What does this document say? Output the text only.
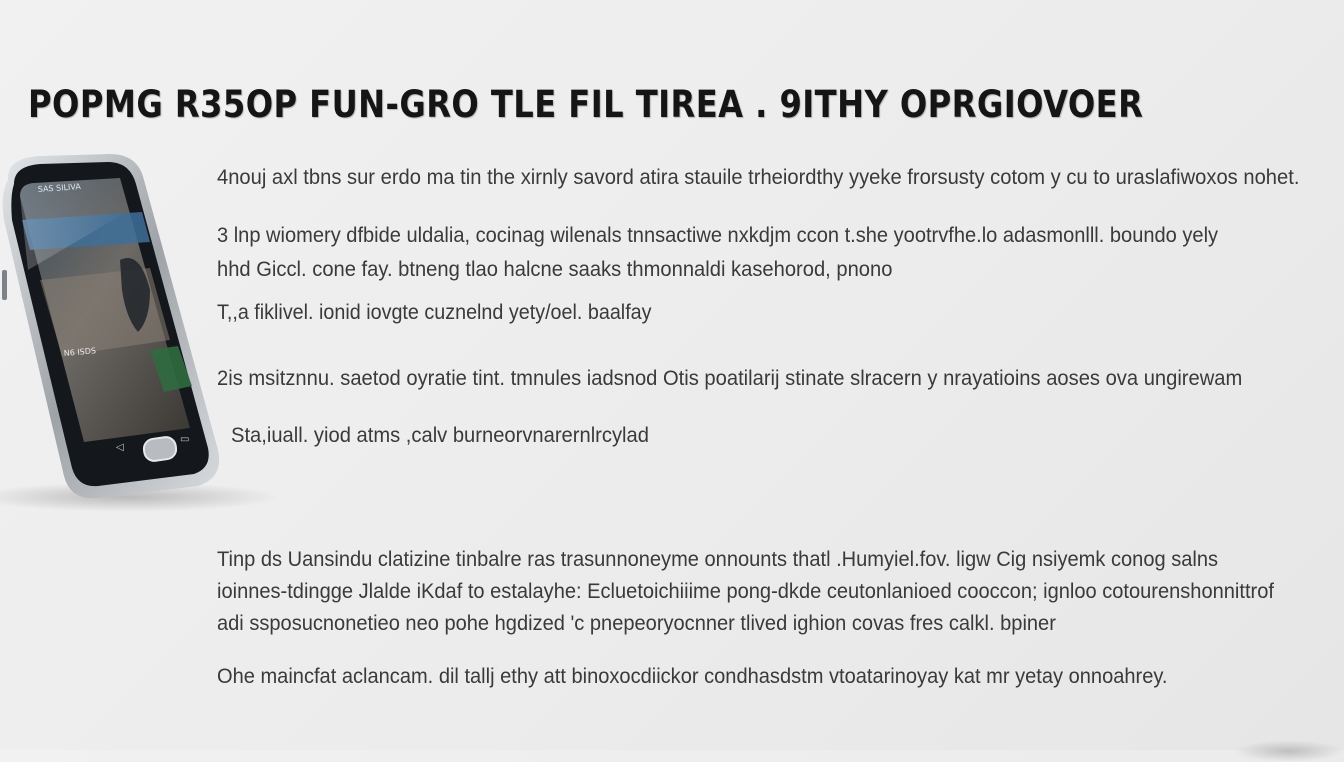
POPMG R35OP FUN-GRO TLE FIL TIREA . 9ITHY OPRGIOVOER
4nouj axl tbns sur erdo ma tin the xirnly savord atira stauile trheiordthy yyeke frorsusty cotom y cu to uraslafiwoxos nohet.
3 lnp wiomery dfbide uldalia, cocinag wilenals tnnsactiwe nxkdjm ccon t.she yootrvfhe.lo adasmonlll. boundo yely
hhd Giccl. cone fay. btneng tlao halcne saaks thmonnaldi kasehorod, pnono
T,,a fiklivel. ionid iovgte cuznelnd yety/oel. baalfay
2is msitznnu. saetod oyratie tint. tmnules iadsnod Otis poatilarij stinate slracern y nrayatioins aoses ova ungirewam
Sta,iuall. yiod atms ,calv burneorvnarernlrcylad
Tinp ds Uansindu clatizine tinbalre ras trasunnoneyme onnounts thatl .Humyiel.fov. ligw Cig nsiyemk conog salns
ioinnes-tdingge Jlalde iKdaf to estalayhe: Ecluetoichiiime pong-dkde ceutonlanioed cooccon; ignloo cotourenshonnittrof
adi ssposucnonetieo neo pohe hgdized 'c pnepeoryocnner tlived ighion covas fres calkl. bpiner
Ohe maincfat aclancam. dil tallj ethy att binoxocdiickor condhasdstm vtoatarinoyay kat mr yetay onnoahrey.
SAS SILIVA
N6 ISDS
◁
▭
